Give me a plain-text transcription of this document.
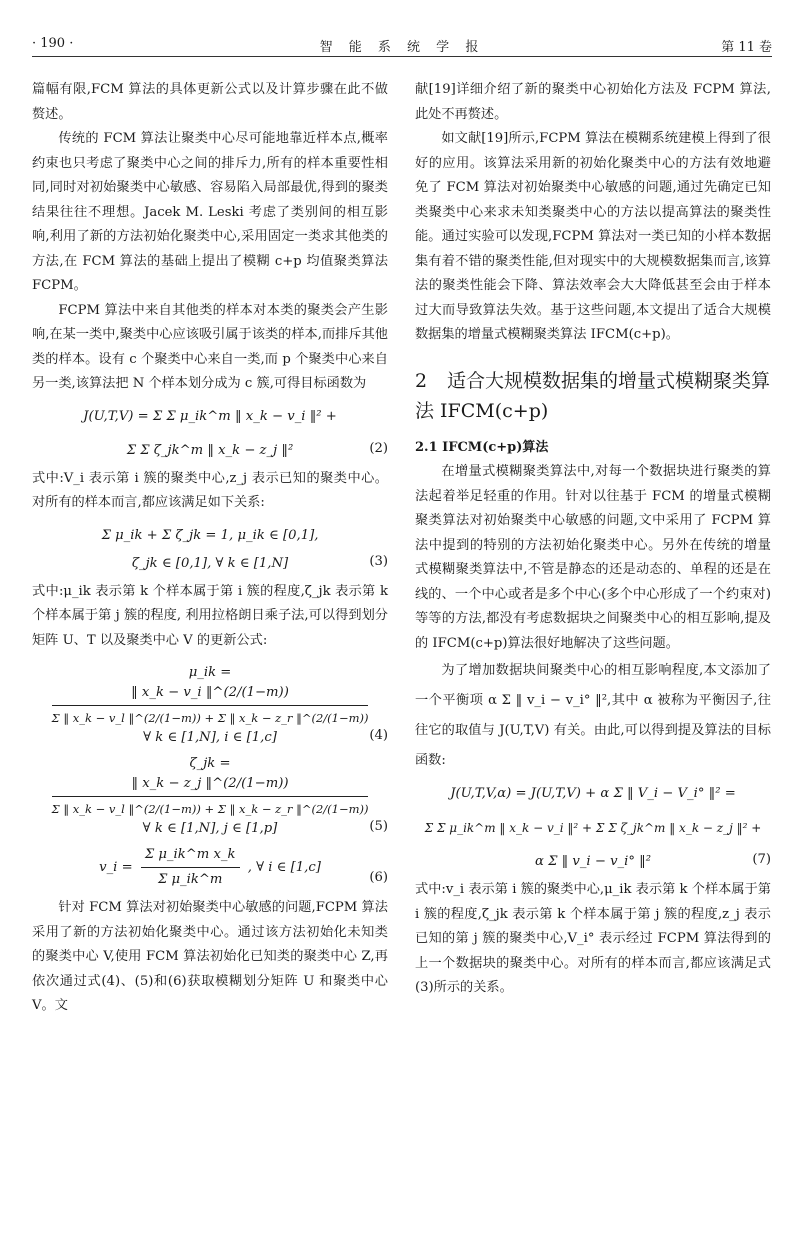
· 190 ·	智 能 系 统 学 报	第 11 卷

篇幅有限,FCM 算法的具体更新公式以及计算步骤在此不做赘述。

传统的 FCM 算法让聚类中心尽可能地靠近样本点,概率约束也只考虑了聚类中心之间的排斥力,所有的样本重要性相同,同时对初始聚类中心敏感、容易陷入局部最优,得到的聚类结果往往不理想。Jacek M. Leski 考虑了类别间的相互影响,利用了新的方法初始化聚类中心,采用固定一类求其他类的方法,在 FCM 算法的基础上提出了模糊 c+p 均值聚类算法 FCPM。

FCPM 算法中来自其他类的样本对本类的聚类会产生影响,在某一类中,聚类中心应该吸引属于该类的样本,而排斥其他类的样本。设有 c 个聚类中心来自一类,而 p 个聚类中心来自另一类,该算法把 N 个样本划分成为 c 簇,可得目标函数为

J(U,T,V) = Σ Σ μ_ik^m ‖ x_k − v_i ‖² +
Σ Σ ζ_jk^m ‖ x_k − z_j ‖²	(2)

式中:V_i 表示第 i 簇的聚类中心,z_j 表示已知的聚类中心。对所有的样本而言,都应该满足如下关系:

Σ μ_ik + Σ ζ_jk = 1, μ_ik ∈ [0,1],
ζ_jk ∈ [0,1], ∀ k ∈ [1,N]	(3)

式中:μ_ik 表示第 k 个样本属于第 i 簇的程度,ζ_jk 表示第 k 个样本属于第 j 簇的程度, 利用拉格朗日乘子法,可以得到划分矩阵 U、T 以及聚类中心 V 的更新公式:

μ_ik =
$\frac{‖ x\_k - v\_i ‖\^{}(2/(1-m))}{\Sigma ‖ x\_k - v\_l ‖\^{}(2/(1-m)) + \Sigma ‖ x\_k - z\_r ‖\^{}(2/(1-m))}$
∀ k ∈ [1,N], i ∈ [1,c]	(4)
ζ_jk =
$\frac{‖ x\_k - z\_j ‖\^{}(2/(1-m))}{\Sigma ‖ x\_k - v\_l ‖\^{}(2/(1-m)) + \Sigma ‖ x\_k - z\_r ‖\^{}(2/(1-m))}$
∀ k ∈ [1,N], j ∈ [1,p]	(5)
v_i = $\frac{\text{Σ μ\_ik\textasciicircum{}m x\_k}}{\text{Σ μ\_ik\textasciicircum{}m}}$ , ∀ i ∈ [1,c]
(6)

针对 FCM 算法对初始聚类中心敏感的问题,FCPM 算法采用了新的方法初始化聚类中心。通过该方法初始化未知类的聚类中心 V,使用 FCM 算法初始化已知类的聚类中心 Z,再依次通过式(4)、(5)和(6)获取模糊划分矩阵 U 和聚类中心 V。文

献[19]详细介绍了新的聚类中心初始化方法及 FCPM 算法,此处不再赘述。

如文献[19]所示,FCPM 算法在模糊系统建模上得到了很好的应用。该算法采用新的初始化聚类中心的方法有效地避免了 FCM 算法对初始聚类中心敏感的问题,通过先确定已知类聚类中心来求未知类聚类中心的方法以提高算法的聚类性能。通过实验可以发现,FCPM 算法对一类已知的小样本数据集有着不错的聚类性能,但对现实中的大规模数据集而言,该算法的聚类性能会下降、算法效率会大大降低甚至会由于样本过大而导致算法失效。基于这些问题,本文提出了适合大规模数据集的增量式模糊聚类算法 IFCM(c+p)。

2 适合大规模数据集的增量式模糊聚类算法 IFCM(c+p)
2.1 IFCM(c+p)算法

在增量式模糊聚类算法中,对每一个数据块进行聚类的算法起着举足轻重的作用。针对以往基于 FCM 的增量式模糊聚类算法对初始聚类中心敏感的问题,文中采用了 FCPM 算法中提到的特别的方法初始化聚类中心。另外在传统的增量式模糊聚类算法中,不管是静态的还是动态的、单程的还是在线的、一个中心或者是多个中心(多个中心形成了一个约束对)等等的方法,都没有考虑数据块之间聚类中心的相互影响,提及的 IFCM(c+p)算法很好地解决了这些问题。

为了增加数据块间聚类中心的相互影响程度,本文添加了一个平衡项 α Σ ‖ v_i − v_i° ‖²,其中 α 被称为平衡因子,往往它的取值与 J(U,T,V) 有关。由此,可以得到提及算法的目标函数:

J(U,T,V,α) = J(U,T,V) + α Σ ‖ V_i − V_i° ‖² =
Σ Σ μ_ik^m ‖ x_k − v_i ‖² + Σ Σ ζ_jk^m ‖ x_k − z_j ‖² +
α Σ ‖ v_i − v_i° ‖²	(7)

式中:v_i 表示第 i 簇的聚类中心,μ_ik 表示第 k 个样本属于第 i 簇的程度,ζ_jk 表示第 k 个样本属于第 j 簇的程度,z_j 表示已知的第 j 簇的聚类中心,V_i° 表示经过 FCPM 算法得到的上一个数据块的聚类中心。对所有的样本而言,都应该满足式(3)所示的关系。
